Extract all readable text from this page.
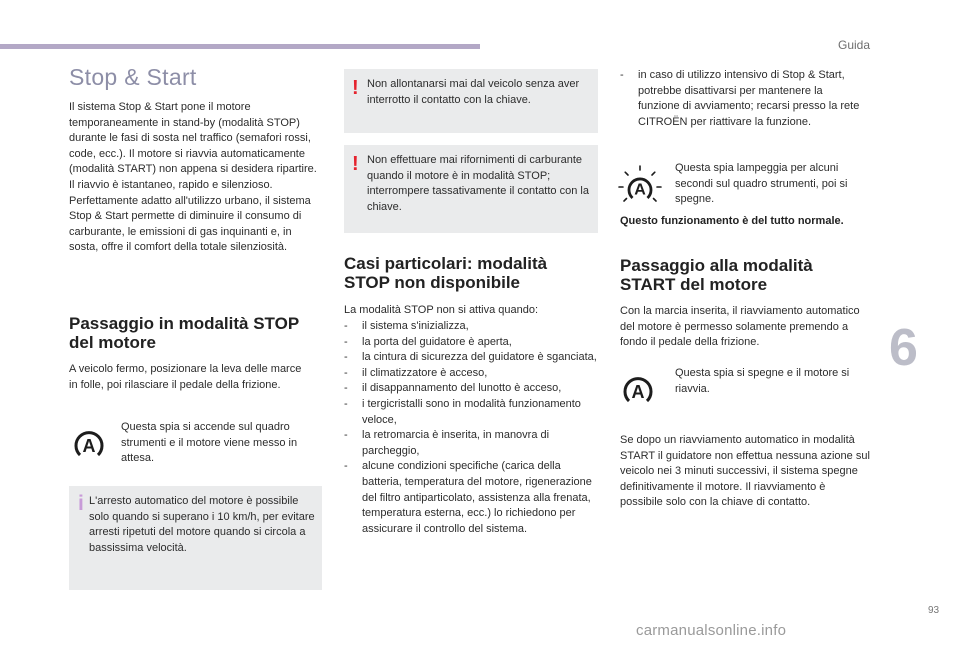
Guida
Stop & Start

Il sistema Stop & Start pone il motore temporaneamente in stand-by (modalità STOP) durante le fasi di sosta nel traffico (semafori rossi, code, ecc.). Il motore si riavvia automaticamente (modalità START) non appena si desidera ripartire. Il riavvio è istantaneo, rapido e silenzioso. Perfettamente adatto all'utilizzo urbano, il sistema Stop & Start permette di diminuire il consumo di carburante, le emissioni di gas inquinanti e, in sosta, offre il comfort della totale silenziosità.

Passaggio in modalità STOP del motore

A veicolo fermo, posizionare la leva delle marce in folle, poi rilasciare il pedale della frizione.

A

Questa spia si accende sul quadro strumenti e il motore viene messo in attesa.

i L'arresto automatico del motore è possibile solo quando si superano i 10 km/h, per evitare arresti ripetuti del motore quando si circola a bassissima velocità.

! Non allontanarsi mai dal veicolo senza aver interrotto il contatto con la chiave.

! Non effettuare mai rifornimenti di carburante quando il motore è in modalità STOP; interrompere tassativamente il contatto con la chiave.

Casi particolari: modalità STOP non disponibile

La modalità STOP non si attiva quando:

- il sistema s'inizializza,
- la porta del guidatore è aperta,
- la cintura di sicurezza del guidatore è sganciata,
- il climatizzatore è acceso,
- il disappannamento del lunotto è acceso,
- i tergicristalli sono in modalità funzionamento veloce,
- la retromarcia è inserita, in manovra di parcheggio,
- alcune condizioni specifiche (carica della batteria, temperatura del motore, rigenerazione del filtro antiparticolato, assistenza alla frenata, temperatura esterna, ecc.) lo richiedono per assicurare il controllo del sistema.
- in caso di utilizzo intensivo di Stop & Start, potrebbe disattivarsi per mantenere la funzione di avviamento; recarsi presso la rete CITROËN per riattivare la funzione.
A

Questa spia lampeggia per alcuni secondi sul quadro strumenti, poi si spegne.

Questo funzionamento è del tutto normale.

Passaggio alla modalità START del motore

Con la marcia inserita, il riavviamento automatico del motore è permesso solamente premendo a fondo il pedale della frizione.

A

Questa spia si spegne e il motore si riavvia.

Se dopo un riavviamento automatico in modalità START il guidatore non effettua nessuna azione sul veicolo nei 3 minuti successivi, il sistema spegne definitivamente il motore. Il riavviamento è possibile solo con la chiave di contatto.

6
93
carmanualsonline.info
